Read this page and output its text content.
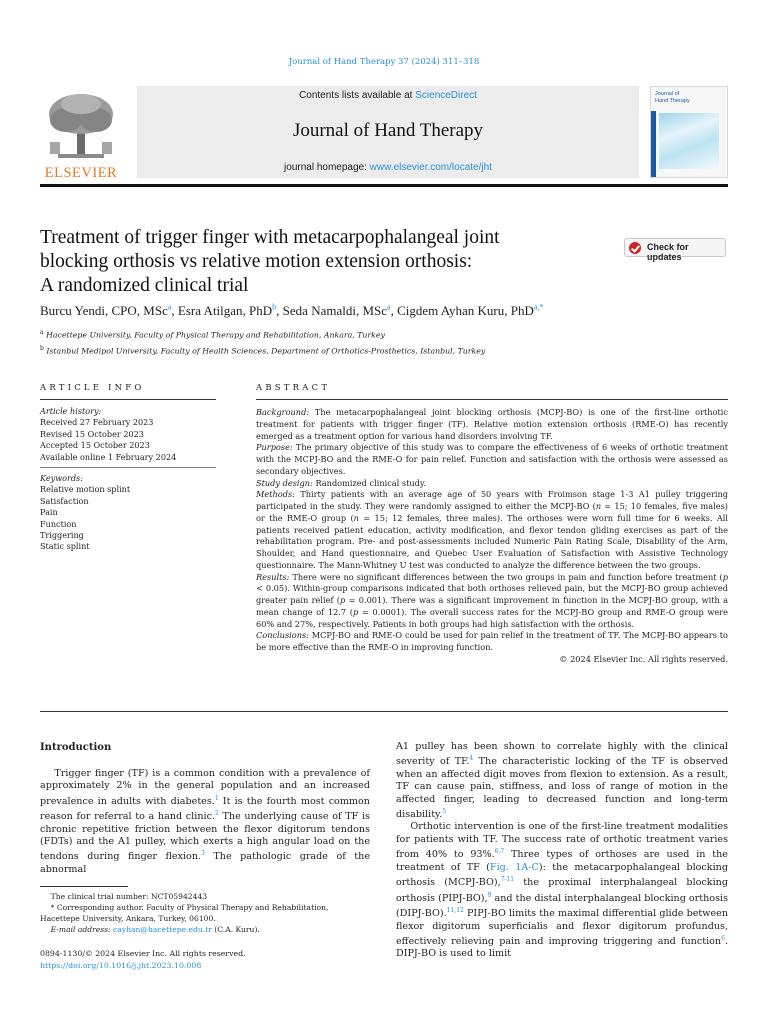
Journal of Hand Therapy 37 (2024) 311–318
ELSEVIER
Contents lists available at ScienceDirect
Journal of Hand Therapy
journal homepage: www.elsevier.com/locate/jht
Journal of
Hand Therapy
Treatment of trigger finger with metacarpophalangeal joint
blocking orthosis vs relative motion extension orthosis:
A randomized clinical trial
Check for updates
Burcu Yendi, CPO, MSc$^a$, Esra Atilgan, PhD$^b$, Seda Namaldi, MSc$^a$, Cigdem Ayhan Kuru, PhD$^{a,*}$
$^a$ Hacettepe University, Faculty of Physical Therapy and Rehabilitation, Ankara, Turkey
$^b$ Istanbul Medipol University, Faculty of Health Sciences, Department of Orthotics-Prosthetics, Istanbul, Turkey
ARTICLE INFO	ABSTRACT
Article history:
Received 27 February 2023
Revised 15 October 2023
Accepted 15 October 2023
Available online 1 February 2024
Keywords:
Relative motion splint
Satisfaction
Pain
Function
Triggering
Static splint
Background: The metacarpophalangeal joint blocking orthosis (MCPJ-BO) is one of the first-line orthotic treatment for patients with trigger finger (TF). Relative motion extension orthosis (RME-O) has recently emerged as a treatment option for various hand disorders involving TF.
Purpose: The primary objective of this study was to compare the effectiveness of 6 weeks of orthotic treatment with the MCPJ-BO and the RME-O for pain relief. Function and satisfaction with the orthosis were assessed as secondary objectives.
Study design: Randomized clinical study.
Methods: Thirty patients with an average age of 50 years with Froimson stage 1-3 A1 pulley triggering participated in the study. They were randomly assigned to either the MCPJ-BO (n = 15; 10 females, five males) or the RME-O group (n = 15; 12 females, three males). The orthoses were worn full time for 6 weeks. All patients received patient education, activity modification, and flexor tendon gliding exercises as part of the rehabilitation program. Pre- and post-assessments included Numeric Pain Rating Scale, Disability of the Arm, Shoulder, and Hand questionnaire, and Quebec User Evaluation of Satisfaction with Assistive Technology questionnaire. The Mann-Whitney U test was conducted to analyze the difference between the two groups.
Results: There were no significant differences between the two groups in pain and function before treatment (p < 0.05). Within-group comparisons indicated that both orthoses relieved pain, but the MCPJ-BO group achieved greater pain relief (p = 0.001). There was a significant improvement in function in the MCPJ-BO group, with a mean change of 12.7 (p = 0.0001). The overall success rates for the MCPJ-BO group and RME-O group were 60% and 27%, respectively. Patients in both groups had high satisfaction with the orthosis.
Conclusions: MCPJ-BO and RME-O could be used for pain relief in the treatment of TF. The MCPJ-BO appears to be more effective than the RME-O in improving function.
© 2024 Elsevier Inc. All rights reserved.
Introduction

Trigger finger (TF) is a common condition with a prevalence of approximately 2% in the general population and an increased prevalence in adults with diabetes.$^1$ It is the fourth most common reason for referral to a hand clinic.$^2$ The underlying cause of TF is chronic repetitive friction between the flexor digitorum tendons (FDTs) and the A1 pulley, which exerts a high angular load on the tendons during finger flexion.$^3$ The pathologic grade of the abnormal

A1 pulley has been shown to correlate highly with the clinical severity of TF.$^4$ The characteristic locking of the TF is observed when an affected digit moves from flexion to extension. As a result, TF can cause pain, stiffness, and loss of range of motion in the affected finger, leading to decreased function and long-term disability.$^5$

Orthotic intervention is one of the first-line treatment modalities for patients with TF. The success rate of orthotic treatment varies from 40% to 93%.$^{6,7}$ Three types of orthoses are used in the treatment of TF (Fig. 1A-C): the metacarpophalangeal blocking orthosis (MCPJ-BO),$^{7-11}$ the proximal interphalangeal blocking orthosis (PIPJ-BO),$^9$ and the distal interphalangeal blocking orthosis (DIPJ-BO).$^{11,12}$ PIPJ-BO limits the maximal differential glide between flexor digitorum superficialis and flexor digitorum profundus, effectively relieving pain and improving triggering and function$^6$. DIPJ-BO is used to limit

The clinical trial number: NCT05942443

* Corresponding author. Faculty of Physical Therapy and Rehabilitation, Hacettepe University, Ankara, Turkey, 06100.

E-mail address: cayhan@hacettepe.edu.tr (C.A. Kuru).

0894-1130/© 2024 Elsevier Inc. All rights reserved.
https://doi.org/10.1016/j.jht.2023.10.008
